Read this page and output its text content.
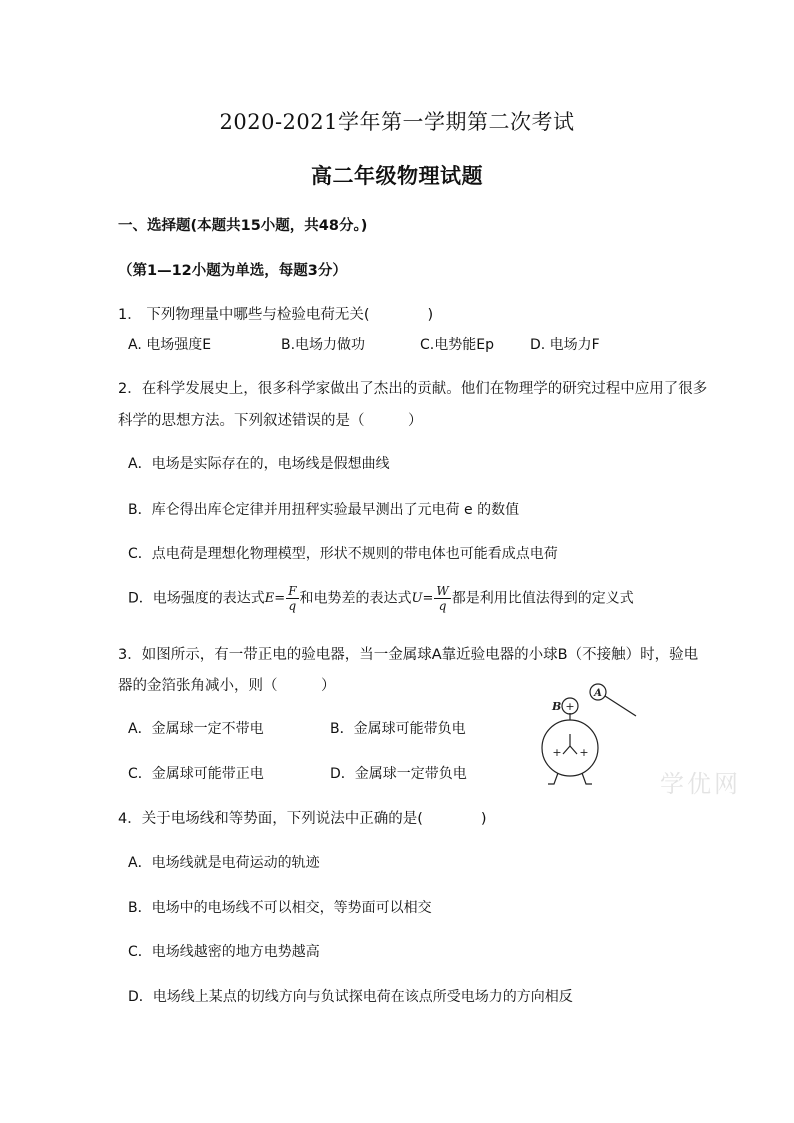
2020-2021学年第一学期第二次考试
高二年级物理试题
一、选择题(本题共15小题，共48分。)
（第1—12小题为单选，每题3分）
1． 下列物理量中哪些与检验电荷无关(　　　　)
A. 电场强度E	B.电场力做功	C.电势能Ep	D. 电场力F
2．在科学发展史上，很多科学家做出了杰出的贡献。他们在物理学的研究过程中应用了很多
科学的思想方法。下列叙述错误的是（　　　）
A．电场是实际存在的，电场线是假想曲线
B．库仑得出库仑定律并用扭秤实验最早测出了元电荷 e 的数值
C．点电荷是理想化物理模型，形状不规则的带电体也可能看成点电荷
D．电场强度的表达式$E= \frac{F}{q}$ 和电势差的表达式$U= \frac{W}{q}$ 都是利用比值法得到的定义式
3．如图所示，有一带正电的验电器，当一金属球A靠近验电器的小球B（不接触）时，验电
器的金箔张角减小，则（　　　）
A．金属球一定不带电	B．金属球可能带负电
C．金属球可能带正电	D．金属球一定带负电
+
+ +
B
A
学优网
4．关于电场线和等势面，下列说法中正确的是(　　　　)
A．电场线就是电荷运动的轨迹
B．电场中的电场线不可以相交，等势面可以相交
C．电场线越密的地方电势越高
D．电场线上某点的切线方向与负试探电荷在该点所受电场力的方向相反
